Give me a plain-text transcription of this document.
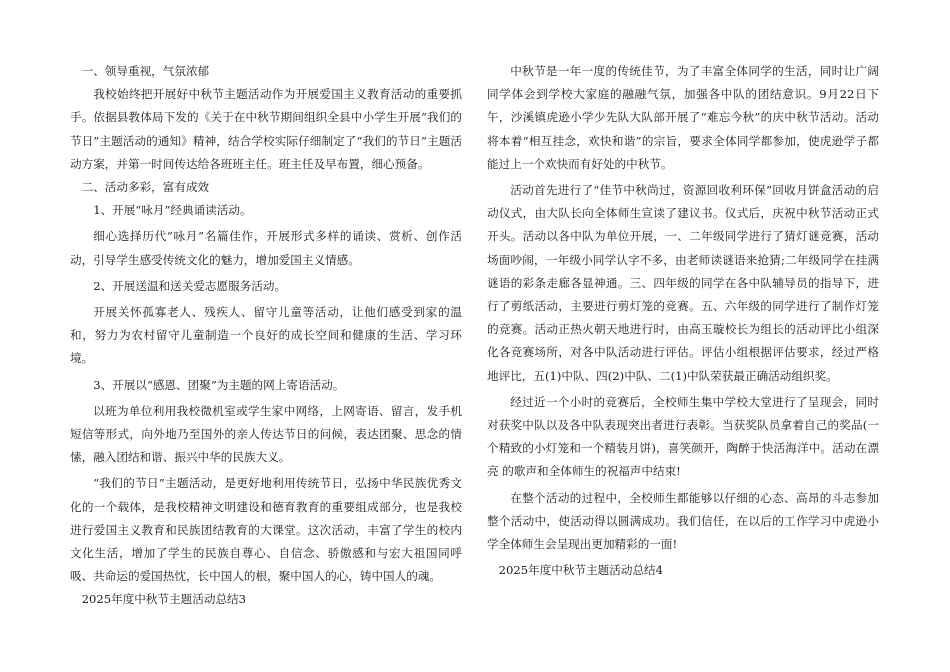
一、领导重视，气氛浓郁

我校始终把开展好中秋节主题活动作为开展爱国主义教育活动的重要抓手。依据县教体局下发的《关于在中秋节期间组织全县中小学生开展“我们的节日”主题活动的通知》精神，结合学校实际仔细制定了“我们的节日”主题活动方案，并第一时间传达给各班班主任。班主任及早布置，细心预备。

二、活动多彩，富有成效

1、开展“咏月”经典诵读活动。

细心选择历代“咏月”名篇佳作，开展形式多样的诵读、赏析、创作活动，引导学生感受传统文化的魅力，增加爱国主义情感。

2、开展送温和送关爱志愿服务活动。

开展关怀孤寡老人、残疾人、留守儿童等活动，让他们感受到家的温和，努力为农村留守儿童制造一个良好的成长空间和健康的生活、学习环境。

3、开展以“感恩、团聚”为主题的网上寄语活动。

以班为单位利用我校微机室或学生家中网络，上网寄语、留言，发手机短信等形式，向外地乃至国外的亲人传达节日的问候，表达团聚、思念的情愫，融入团结和谐、振兴中华的民族大义。

“我们的节日”主题活动，是更好地利用传统节日，弘扬中华民族优秀文化的一个载体，是我校精神文明建设和德育教育的重要组成部分，也是我校进行爱国主义教育和民族团结教育的大课堂。这次活动，丰富了学生的校内文化生活，增加了学生的民族自尊心、自信念、骄傲感和与宏大祖国同呼吸、共命运的爱国热忱，长中国人的根，聚中国人的心，铸中国人的魂。

2025年度中秋节主题活动总结3

中秋节是一年一度的传统佳节，为了丰富全体同学的生活，同时让广阔同学体会到学校大家庭的融融气氛，加强各中队的团结意识。9月22日下午，沙溪镇虎逊小学少先队大队部开展了“难忘今秋”的庆中秋节活动。活动将本着“相互挂念，欢快和谐”的宗旨，要求全体同学都参加，使虎逊学子都能过上一个欢快而有好处的中秋节。

活动首先进行了“佳节中秋尚过，资源回收利环保”回收月饼盒活动的启动仪式，由大队长向全体师生宣读了建议书。仪式后，庆祝中秋节活动正式开头。活动以各中队为单位开展，一、二年级同学进行了猜灯谜竞赛，活动场面吵闹，一年级小同学认字不多，由老师读谜语来抢猜;二年级同学在挂满谜语的彩条走廊各显神通。三、四年级的同学在各中队辅导员的指导下，进行了剪纸活动，主要进行剪灯笼的竞赛。五、六年级的同学进行了制作灯笼的竞赛。活动正热火朝天地进行时，由高玉璇校长为组长的活动评比小组深化各竞赛场所，对各中队活动进行评估。评估小组根据评估要求，经过严格地评比，五(1)中队、四(2)中队、二(1)中队荣获最正确活动组织奖。

经过近一个小时的竞赛后，全校师生集中学校大堂进行了呈现会，同时对获奖中队以及各中队表现突出者进行表彰。当获奖队员拿着自己的奖品(一个精致的小灯笼和一个精装月饼)，喜笑颜开，陶醉于快活海洋中。活动在漂亮 的歌声和全体师生的祝福声中结束!

在整个活动的过程中，全校师生都能够以仔细的心态、高昂的斗志参加整个活动中，使活动得以圆满成功。我们信任，在以后的工作学习中虎逊小学全体师生会呈现出更加精彩的一面!

2025年度中秋节主题活动总结4
